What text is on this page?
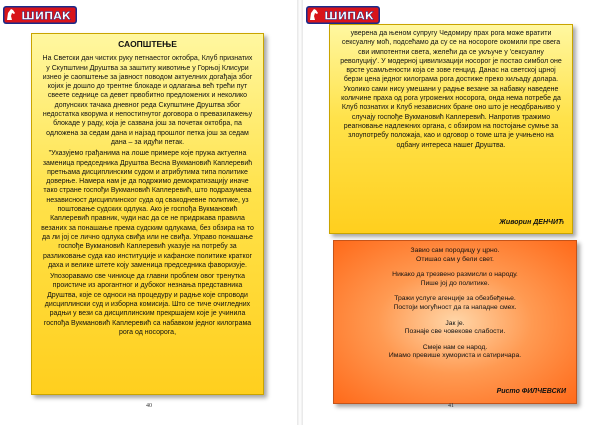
ШИПАК
САОПШТЕЊЕ

На Светски дан чистих руку петнаестог октобра, Клуб признатих у Скупштини Друштва за заштиту животиње у Горњој Клисури изнео је саопштење за јавност поводом актуелних догађаја због којих је дошло до трентне блокаде и одлагања већ трећи пут свеете седнице са девет првобитно предложених и неколико допунских тачака дневног реда Скупштине Друштва због недостатка кворума и непостигнутог договора о превазилажењу блокаде у раду, која је сазвана још за почетак октобра, па одложена за седам дана и најзад прошлог петка још за седам дана – за идући петак.

"Ухазујемо грађанима на лоше примере које пружа актуелна заменица председника Друштва Весна Вукмановић Каплеревић претњама дисциплинским судом и атрибутима типа политике доверње. Намера нам је да подржимо демократизацију иначе тако стране госпођи Вукмановић Каплеревић, што подразумева независност дисциплинског суда од свакодневне политике, уз поштовање судских одлука. Ако је госпођа Вукмановић Каплеревић правник, чуди нас да се не придржава правила везаних за понашање према судским одлукама, без обзира на то да ли јој се лично одлука свиђа или не свиђа. Управо понашање госпође Вукмановић Каплеревић указује на потребу за разликовање суда као институције и кафанске политике кратког даха и велике штете коју заменица председника фаворизује.

Упозоравамо све чиниоце да главни проблем овог тренутка проистиче из арогантног и дубоког незнања представника Друштва, које се односи на процедуру и радње које спроводи дисциплински суд и изборна комисија. Што се тиче очигледних радњи у вези са дисциплинским прекршајем које је учинила госпођа Вукмановић Каплеревић са набавком једног килограма рога од носорога,

40
ШИПАК

уверена да њеном супругу Чедомиру прах рога може вратити сексуалну моћ, подсећамо да су се на носороге окомили пре свега сви импотентни света, желећи да се укључе у 'сексуалну револуцију'. У модерној цивилизацији носорог је постао симбол оне врсте усамљености која се зове генцид. Данас на светској црној берзи цена једног килограма рога достиже преко хиљаду долара. Уколико сами нису умешани у радње везане за набавку наведене количине праха од рога угрожених носорога, онда нема потребе да Клуб познатих и Клуб независних бране оно што је неодбрањиво у случају госпође Вукмановић Каплеревић. Напротив тражимо реагновање надлежних органа, с обзиром на постојање сумње за злоупотребу положаја, као и одговор о томе шта је учињено на одбану интереса нашег Друштва.

Живорин ДЕНЧИЋ
Завио сам породицу у црно.
Отишао сам у бели свет.
Никако да трезвено размисли о народу.
Пише јој до политике.
Тражи услуге агенције за обезбеђење.
Постоји могућност да га нападне смех.
Јак је.
Познаје све човекове слабости.
Смеје нам се народ.
Имамо превише хумориста и сатиричара.
Ристо ФИЛЧЕВСКИ
41
